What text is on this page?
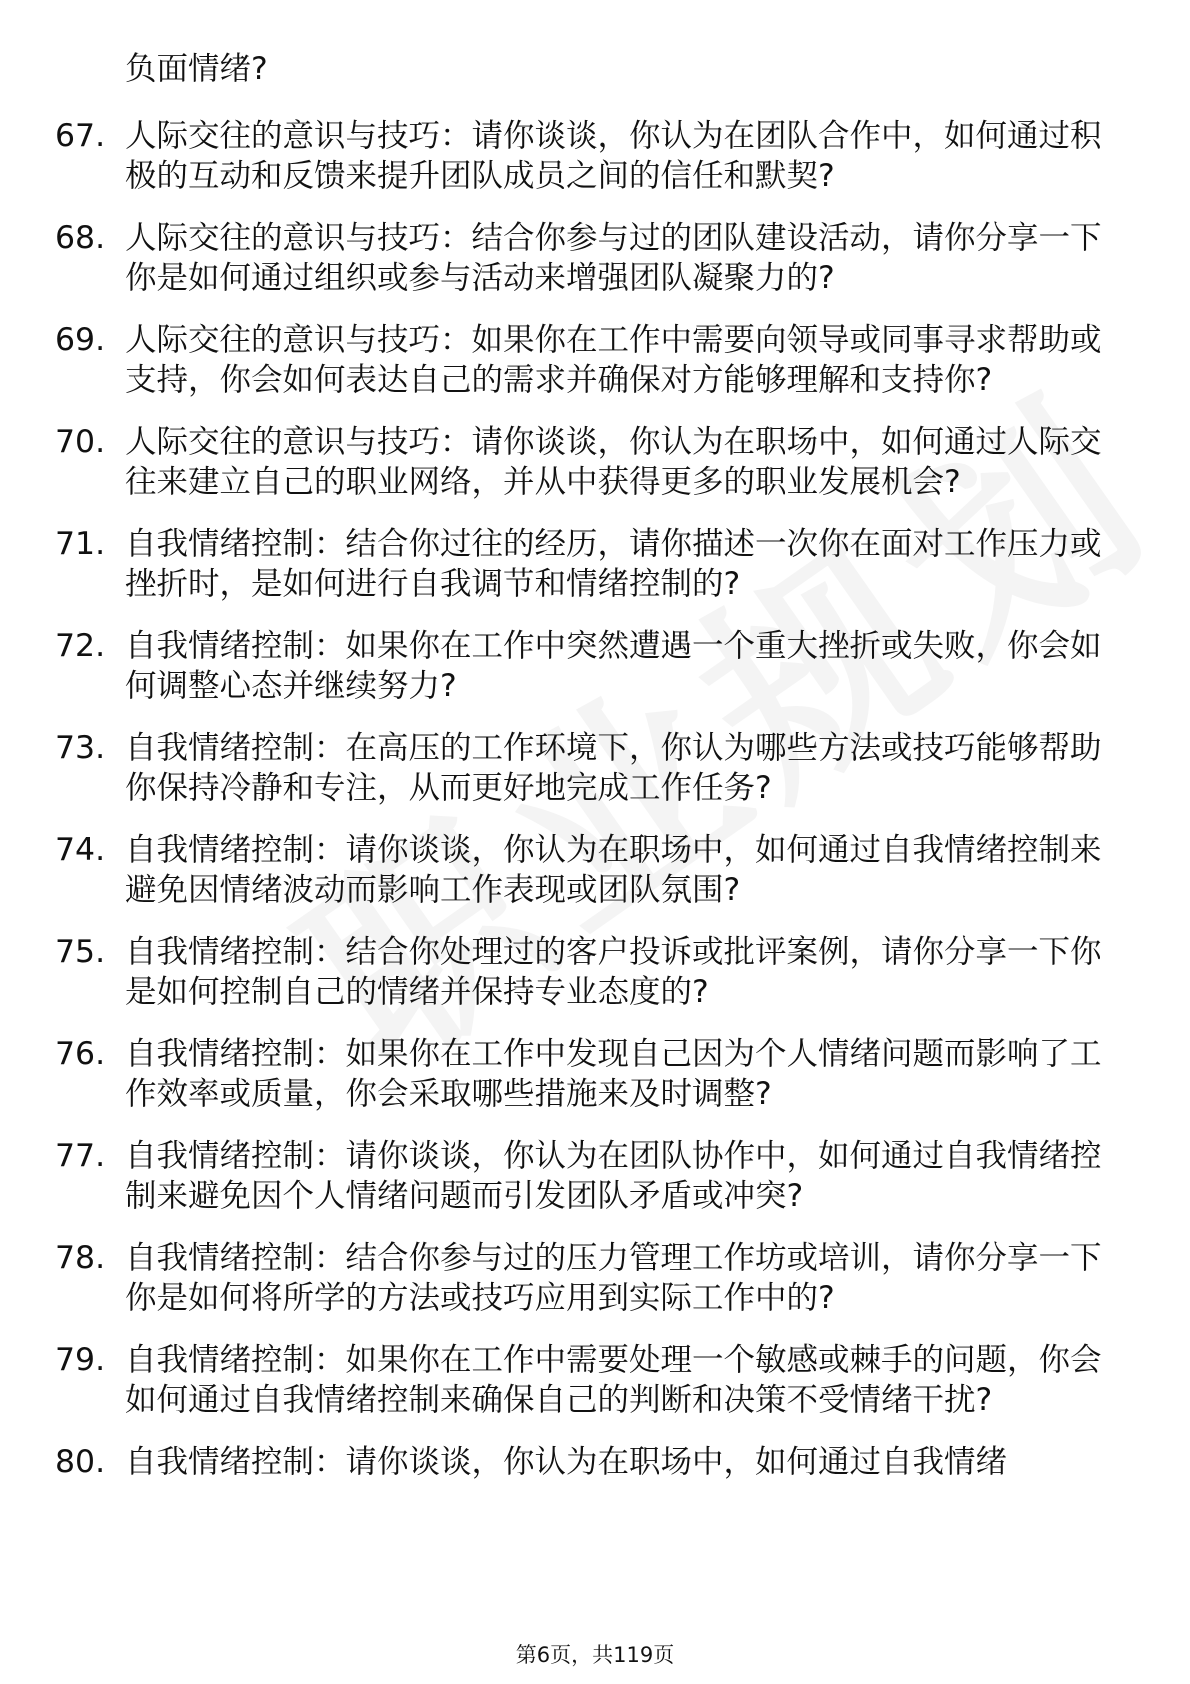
负面情绪?
67. 人际交往的意识与技巧：请你谈谈，你认为在团队合作中，如何通过积极的互动和反馈来提升团队成员之间的信任和默契?
68. 人际交往的意识与技巧：结合你参与过的团队建设活动，请你分享一下你是如何通过组织或参与活动来增强团队凝聚力的?
69. 人际交往的意识与技巧：如果你在工作中需要向领导或同事寻求帮助或支持，你会如何表达自己的需求并确保对方能够理解和支持你?
70. 人际交往的意识与技巧：请你谈谈，你认为在职场中，如何通过人际交往来建立自己的职业网络，并从中获得更多的职业发展机会?
71. 自我情绪控制：结合你过往的经历，请你描述一次你在面对工作压力或挫折时，是如何进行自我调节和情绪控制的?
72. 自我情绪控制：如果你在工作中突然遭遇一个重大挫折或失败，你会如何调整心态并继续努力?
73. 自我情绪控制：在高压的工作环境下，你认为哪些方法或技巧能够帮助你保持冷静和专注，从而更好地完成工作任务?
74. 自我情绪控制：请你谈谈，你认为在职场中，如何通过自我情绪控制来避免因情绪波动而影响工作表现或团队氛围?
75. 自我情绪控制：结合你处理过的客户投诉或批评案例，请你分享一下你是如何控制自己的情绪并保持专业态度的?
76. 自我情绪控制：如果你在工作中发现自己因为个人情绪问题而影响了工作效率或质量，你会采取哪些措施来及时调整?
77. 自我情绪控制：请你谈谈，你认为在团队协作中，如何通过自我情绪控制来避免因个人情绪问题而引发团队矛盾或冲突?
78. 自我情绪控制：结合你参与过的压力管理工作坊或培训，请你分享一下你是如何将所学的方法或技巧应用到实际工作中的?
79. 自我情绪控制：如果你在工作中需要处理一个敏感或棘手的问题，你会如何通过自我情绪控制来确保自己的判断和决策不受情绪干扰?
80. 自我情绪控制：请你谈谈，你认为在职场中，如何通过自我情绪
第6页，共119页
